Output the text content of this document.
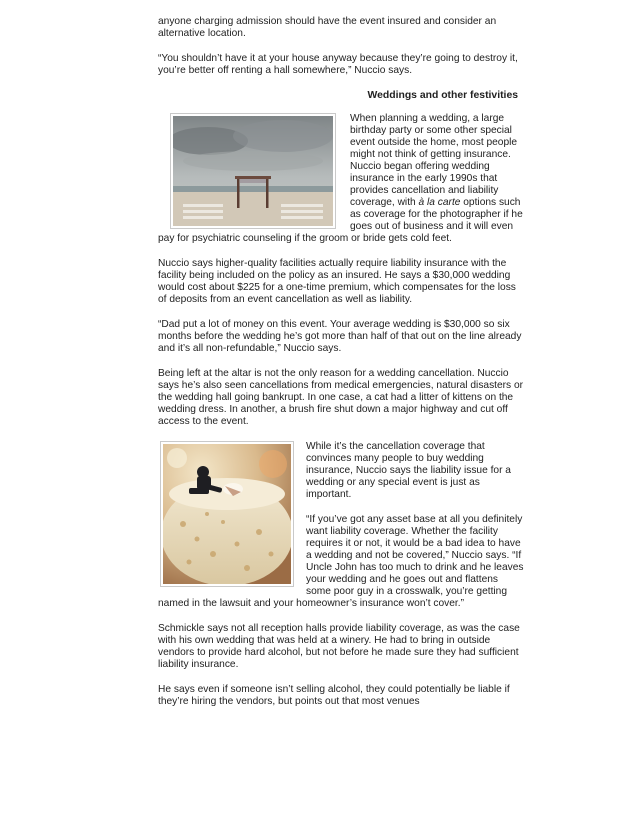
anyone charging admission should have the event insured and consider an alternative location.

“You shouldn’t have it at your house anyway because they’re going to destroy it, you’re better off renting a hall somewhere,” Nuccio says.

Weddings and other festivities

When planning a wedding, a large birthday party or some other special event outside the home, most people might not think of getting insurance. Nuccio began offering wedding insurance in the early 1990s that provides cancellation and liability coverage, with à la carte options such as coverage for the photographer if he goes out of business and it will even pay for psychiatric counseling if the groom or bride gets cold feet.

Nuccio says higher-quality facilities actually require liability insurance with the facility being included on the policy as an insured. He says a $30,000 wedding would cost about $225 for a one-time premium, which compensates for the loss of deposits from an event cancellation as well as liability.

“Dad put a lot of money on this event. Your average wedding is $30,000 so six months before the wedding he’s got more than half of that out on the line already and it’s all non-refundable,” Nuccio says.

Being left at the altar is not the only reason for a wedding cancellation. Nuccio says he’s also seen cancellations from medical emergencies, natural disasters or the wedding hall going bankrupt. In one case, a cat had a litter of kittens on the wedding dress. In another, a brush fire shut down a major highway and cut off access to the event.

While it’s the cancellation coverage that convinces many people to buy wedding insurance, Nuccio says the liability issue for a wedding or any special event is just as important.

“If you’ve got any asset base at all you definitely want liability coverage. Whether the facility requires it or not, it would be a bad idea to have a wedding and not be covered,” Nuccio says. “If Uncle John has too much to drink and he leaves your wedding and he goes out and flattens some poor guy in a crosswalk, you’re getting named in the lawsuit and your homeowner’s insurance won’t cover.”

Schmickle says not all reception halls provide liability coverage, as was the case with his own wedding that was held at a winery. He had to bring in outside vendors to provide hard alcohol, but not before he made sure they had sufficient liability insurance.

He says even if someone isn’t selling alcohol, they could potentially be liable if they’re hiring the vendors, but points out that most venues
